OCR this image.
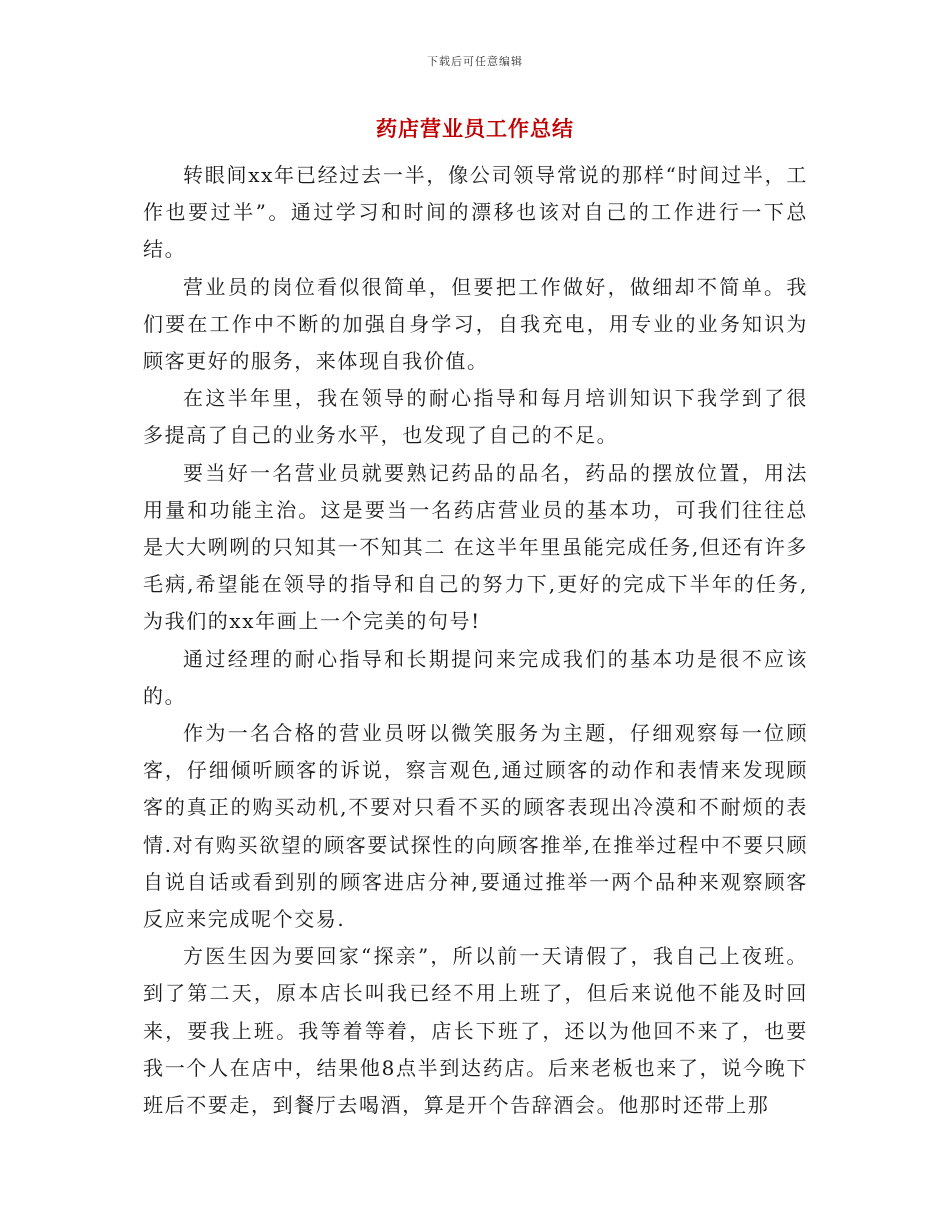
下载后可任意编辑
药店营业员工作总结

转眼间xx年已经过去一半，像公司领导常说的那样“时间过半，工作也要过半”。通过学习和时间的漂移也该对自己的工作进行一下总结。

营业员的岗位看似很简单，但要把工作做好，做细却不简单。我们要在工作中不断的加强自身学习，自我充电，用专业的业务知识为顾客更好的服务，来体现自我价值。

在这半年里，我在领导的耐心指导和每月培训知识下我学到了很多提高了自己的业务水平，也发现了自己的不足。

要当好一名营业员就要熟记药品的品名，药品的摆放位置，用法用量和功能主治。这是要当一名药店营业员的基本功，可我们往往总是大大咧咧的只知其一不知其二 在这半年里虽能完成任务,但还有许多毛病,希望能在领导的指导和自己的努力下,更好的完成下半年的任务,为我们的xx年画上一个完美的句号!

通过经理的耐心指导和长期提问来完成我们的基本功是很不应该的。

作为一名合格的营业员呀以微笑服务为主题，仔细观察每一位顾客，仔细倾听顾客的诉说，察言观色,通过顾客的动作和表情来发现顾客的真正的购买动机,不要对只看不买的顾客表现出冷漠和不耐烦的表情.对有购买欲望的顾客要试探性的向顾客推举,在推举过程中不要只顾自说自话或看到别的顾客进店分神,要通过推举一两个品种来观察顾客反应来完成呢个交易.

方医生因为要回家“探亲”，所以前一天请假了，我自己上夜班。到了第二天，原本店长叫我已经不用上班了，但后来说他不能及时回来，要我上班。我等着等着，店长下班了，还以为他回不来了，也要我一个人在店中，结果他8点半到达药店。后来老板也来了，说今晚下班后不要走，到餐厅去喝酒，算是开个告辞酒会。他那时还带上那
